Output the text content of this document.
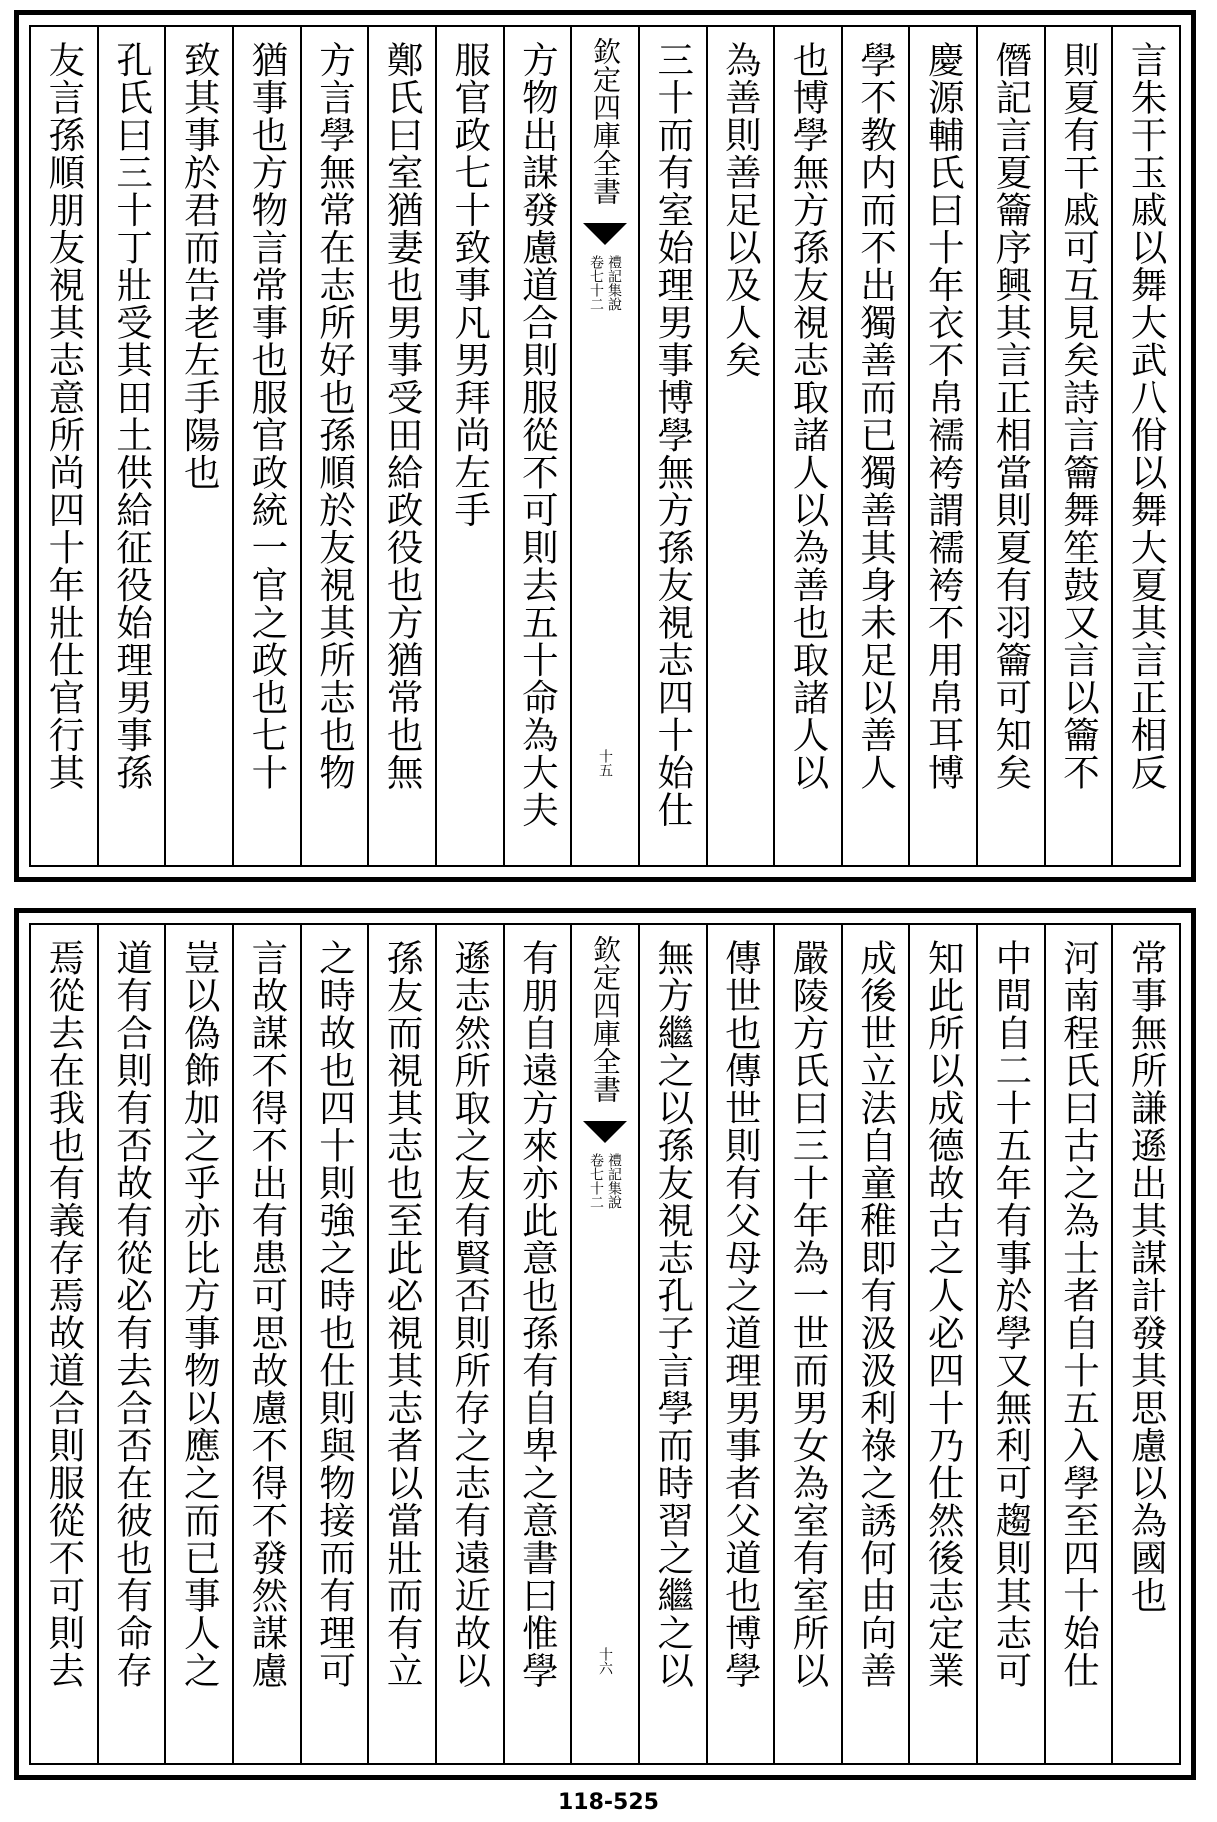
言朱干玉戚以舞大武八佾以舞大夏其言正相反
則夏有干戚可互見矣詩言籥舞笙鼓又言以籥不
僭記言夏籥序興其言正相當則夏有羽籥可知矣
慶源輔氏曰十年衣不帛襦袴謂襦袴不用帛耳博
學不教内而不出獨善而已獨善其身未足以善人
也博學無方孫友視志取諸人以為善也取諸人以
為善則善足以及人矣
三十而有室始理男事博學無方孫友視志四十始仕
欽定四庫全書
禮記集說
卷七十二
十五
方物出謀發慮道合則服從不可則去五十命為大夫
服官政七十致事凡男拜尚左手
鄭氏曰室猶妻也男事受田給政役也方猶常也無
方言學無常在志所好也孫順於友視其所志也物
猶事也方物言常事也服官政統一官之政也七十
致其事於君而告老左手陽也
孔氏曰三十丁壯受其田土供給征役始理男事孫
友言孫順朋友視其志意所尚四十年壯仕官行其
常事無所謙遜出其謀計發其思慮以為國也
河南程氏曰古之為士者自十五入學至四十始仕
中間自二十五年有事於學又無利可趨則其志可
知此所以成德故古之人必四十乃仕然後志定業
成後世立法自童稚即有汲汲利祿之誘何由向善
嚴陵方氏曰三十年為一世而男女為室有室所以
傳世也傳世則有父母之道理男事者父道也博學
無方繼之以孫友視志孔子言學而時習之繼之以
欽定四庫全書
禮記集說
卷七十二
十六
有朋自遠方來亦此意也孫有自卑之意書曰惟學
遜志然所取之友有賢否則所存之志有遠近故以
孫友而視其志也至此必視其志者以當壯而有立
之時故也四十則強之時也仕則與物接而有理可
言故謀不得不出有患可思故慮不得不發然謀慮
豈以偽飾加之乎亦比方事物以應之而已事人之
道有合則有否故有從必有去合否在彼也有命存
焉從去在我也有義存焉故道合則服從不可則去
118-525
